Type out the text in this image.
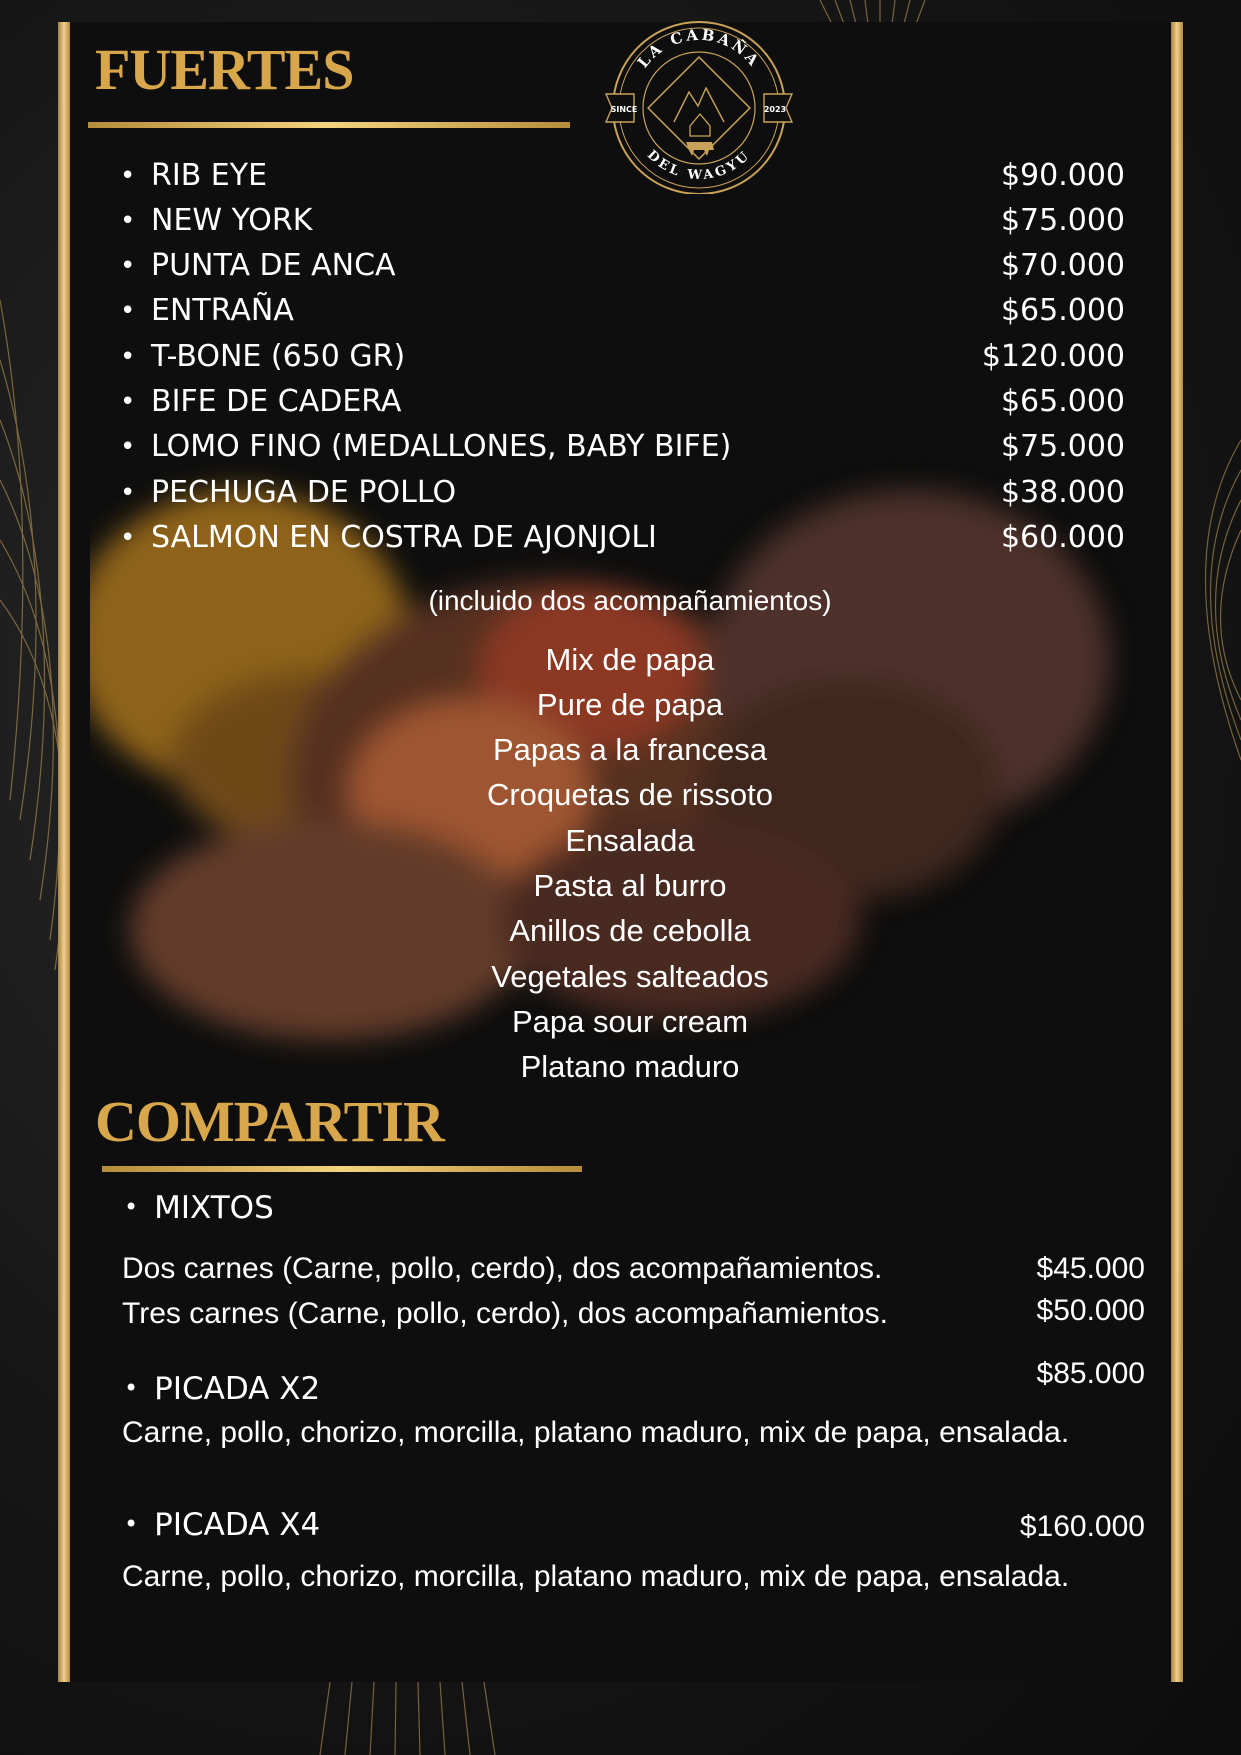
LA CABAÑA
DEL WAGYU
SINCE	2023
FUERTES
• RIB EYE	$90.000
• NEW YORK	$75.000
• PUNTA DE ANCA	$70.000
• ENTRAÑA	$65.000
• T-BONE (650 GR)	$120.000
• BIFE DE CADERA	$65.000
• LOMO FINO (MEDALLONES, BABY BIFE)	$75.000
• PECHUGA DE POLLO	$38.000
• SALMON EN COSTRA DE AJONJOLI	$60.000
(incluido dos acompañamientos)
Mix de papa
Pure de papa
Papas a la francesa
Croquetas de rissoto
Ensalada
Pasta al burro
Anillos de cebolla
Vegetales salteados
Papa sour cream
Platano maduro
COMPARTIR
• MIXTOS
Dos carnes (Carne, pollo, cerdo), dos acompañamientos.	$45.000
Tres carnes (Carne, pollo, cerdo), dos acompañamientos.	$50.000
• PICADA X2	$85.000
Carne, pollo, chorizo, morcilla, platano maduro, mix de papa, ensalada.
• PICADA X4	$160.000
Carne, pollo, chorizo, morcilla, platano maduro, mix de papa, ensalada.
